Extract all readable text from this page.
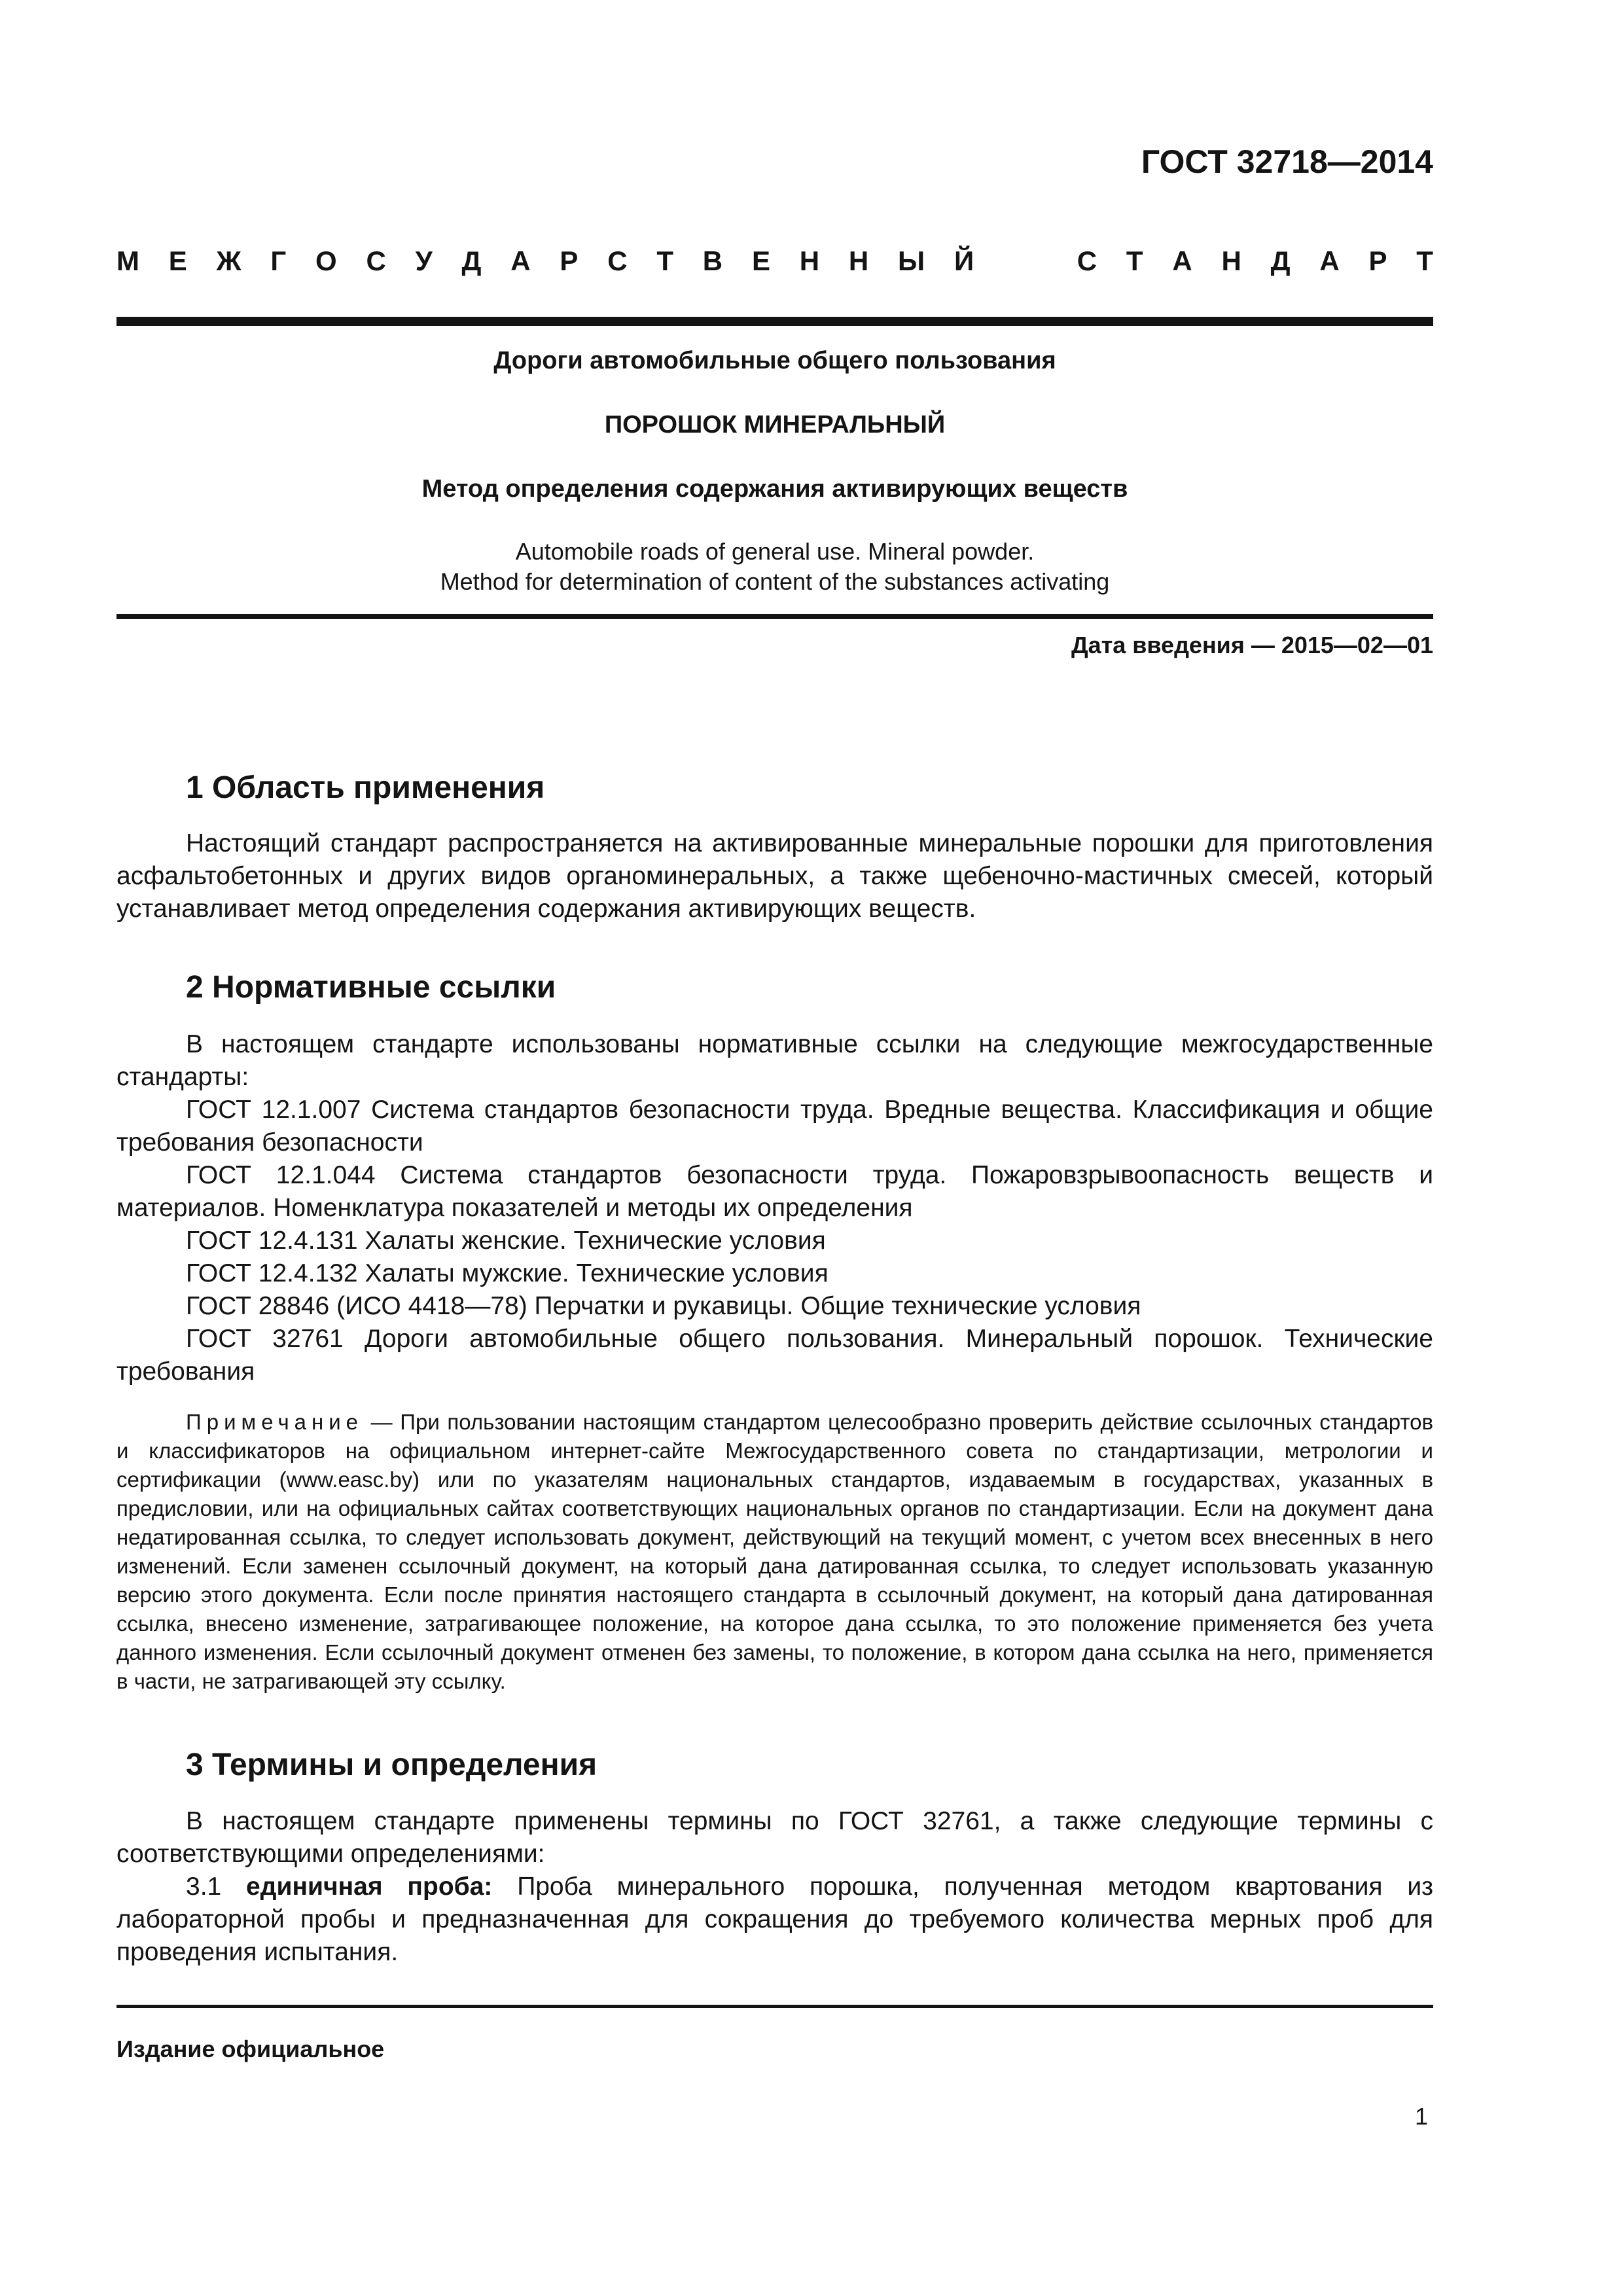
ГОСТ 32718—2014
М Е Ж Г О С У Д А Р С Т В Е Н Н Ы Й	С Т А Н Д А Р Т
Дороги автомобильные общего пользования
ПОРОШОК МИНЕРАЛЬНЫЙ
Метод определения содержания активирующих веществ
Automobile roads of general use. Mineral powder.
Method for determination of content of the substances activating
Дата введения — 2015—02—01
1 Область применения

Настоящий стандарт распространяется на активированные минеральные порошки для приготовления асфальтобетонных и других видов органоминеральных, а также щебеночно-мастичных смесей, который устанавливает метод определения содержания активирующих веществ.

2 Нормативные ссылки

В настоящем стандарте использованы нормативные ссылки на следующие межгосударственные стандарты:

ГОСТ 12.1.007 Система стандартов безопасности труда. Вредные вещества. Классификация и общие требования безопасности

ГОСТ 12.1.044 Система стандартов безопасности труда. Пожаровзрывоопасность веществ и материалов. Номенклатура показателей и методы их определения

ГОСТ 12.4.131 Халаты женские. Технические условия

ГОСТ 12.4.132 Халаты мужские. Технические условия

ГОСТ 28846 (ИСО 4418—78) Перчатки и рукавицы. Общие технические условия

ГОСТ 32761 Дороги автомобильные общего пользования. Минеральный порошок. Технические требования

Примечание — При пользовании настоящим стандартом целесообразно проверить действие ссылочных стандартов и классификаторов на официальном интернет-сайте Межгосударственного совета по стандартизации, метрологии и сертификации (www.easc.by) или по указателям национальных стандартов, издаваемым в государствах, указанных в предисловии, или на официальных сайтах соответствующих национальных органов по стандартизации. Если на документ дана недатированная ссылка, то следует использовать документ, действующий на текущий момент, с учетом всех внесенных в него изменений. Если заменен ссылочный документ, на который дана датированная ссылка, то следует использовать указанную версию этого документа. Если после принятия настоящего стандарта в ссылочный документ, на который дана датированная ссылка, внесено изменение, затрагивающее положение, на которое дана ссылка, то это положение применяется без учета данного изменения. Если ссылочный документ отменен без замены, то положение, в котором дана ссылка на него, применяется в части, не затрагивающей эту ссылку.
3 Термины и определения

В настоящем стандарте применены термины по ГОСТ 32761, а также следующие термины с соответствующими определениями:

3.1 единичная проба: Проба минерального порошка, полученная методом квартования из лабораторной пробы и предназначенная для сокращения до требуемого количества мерных проб для проведения испытания.

Издание официальное
1
